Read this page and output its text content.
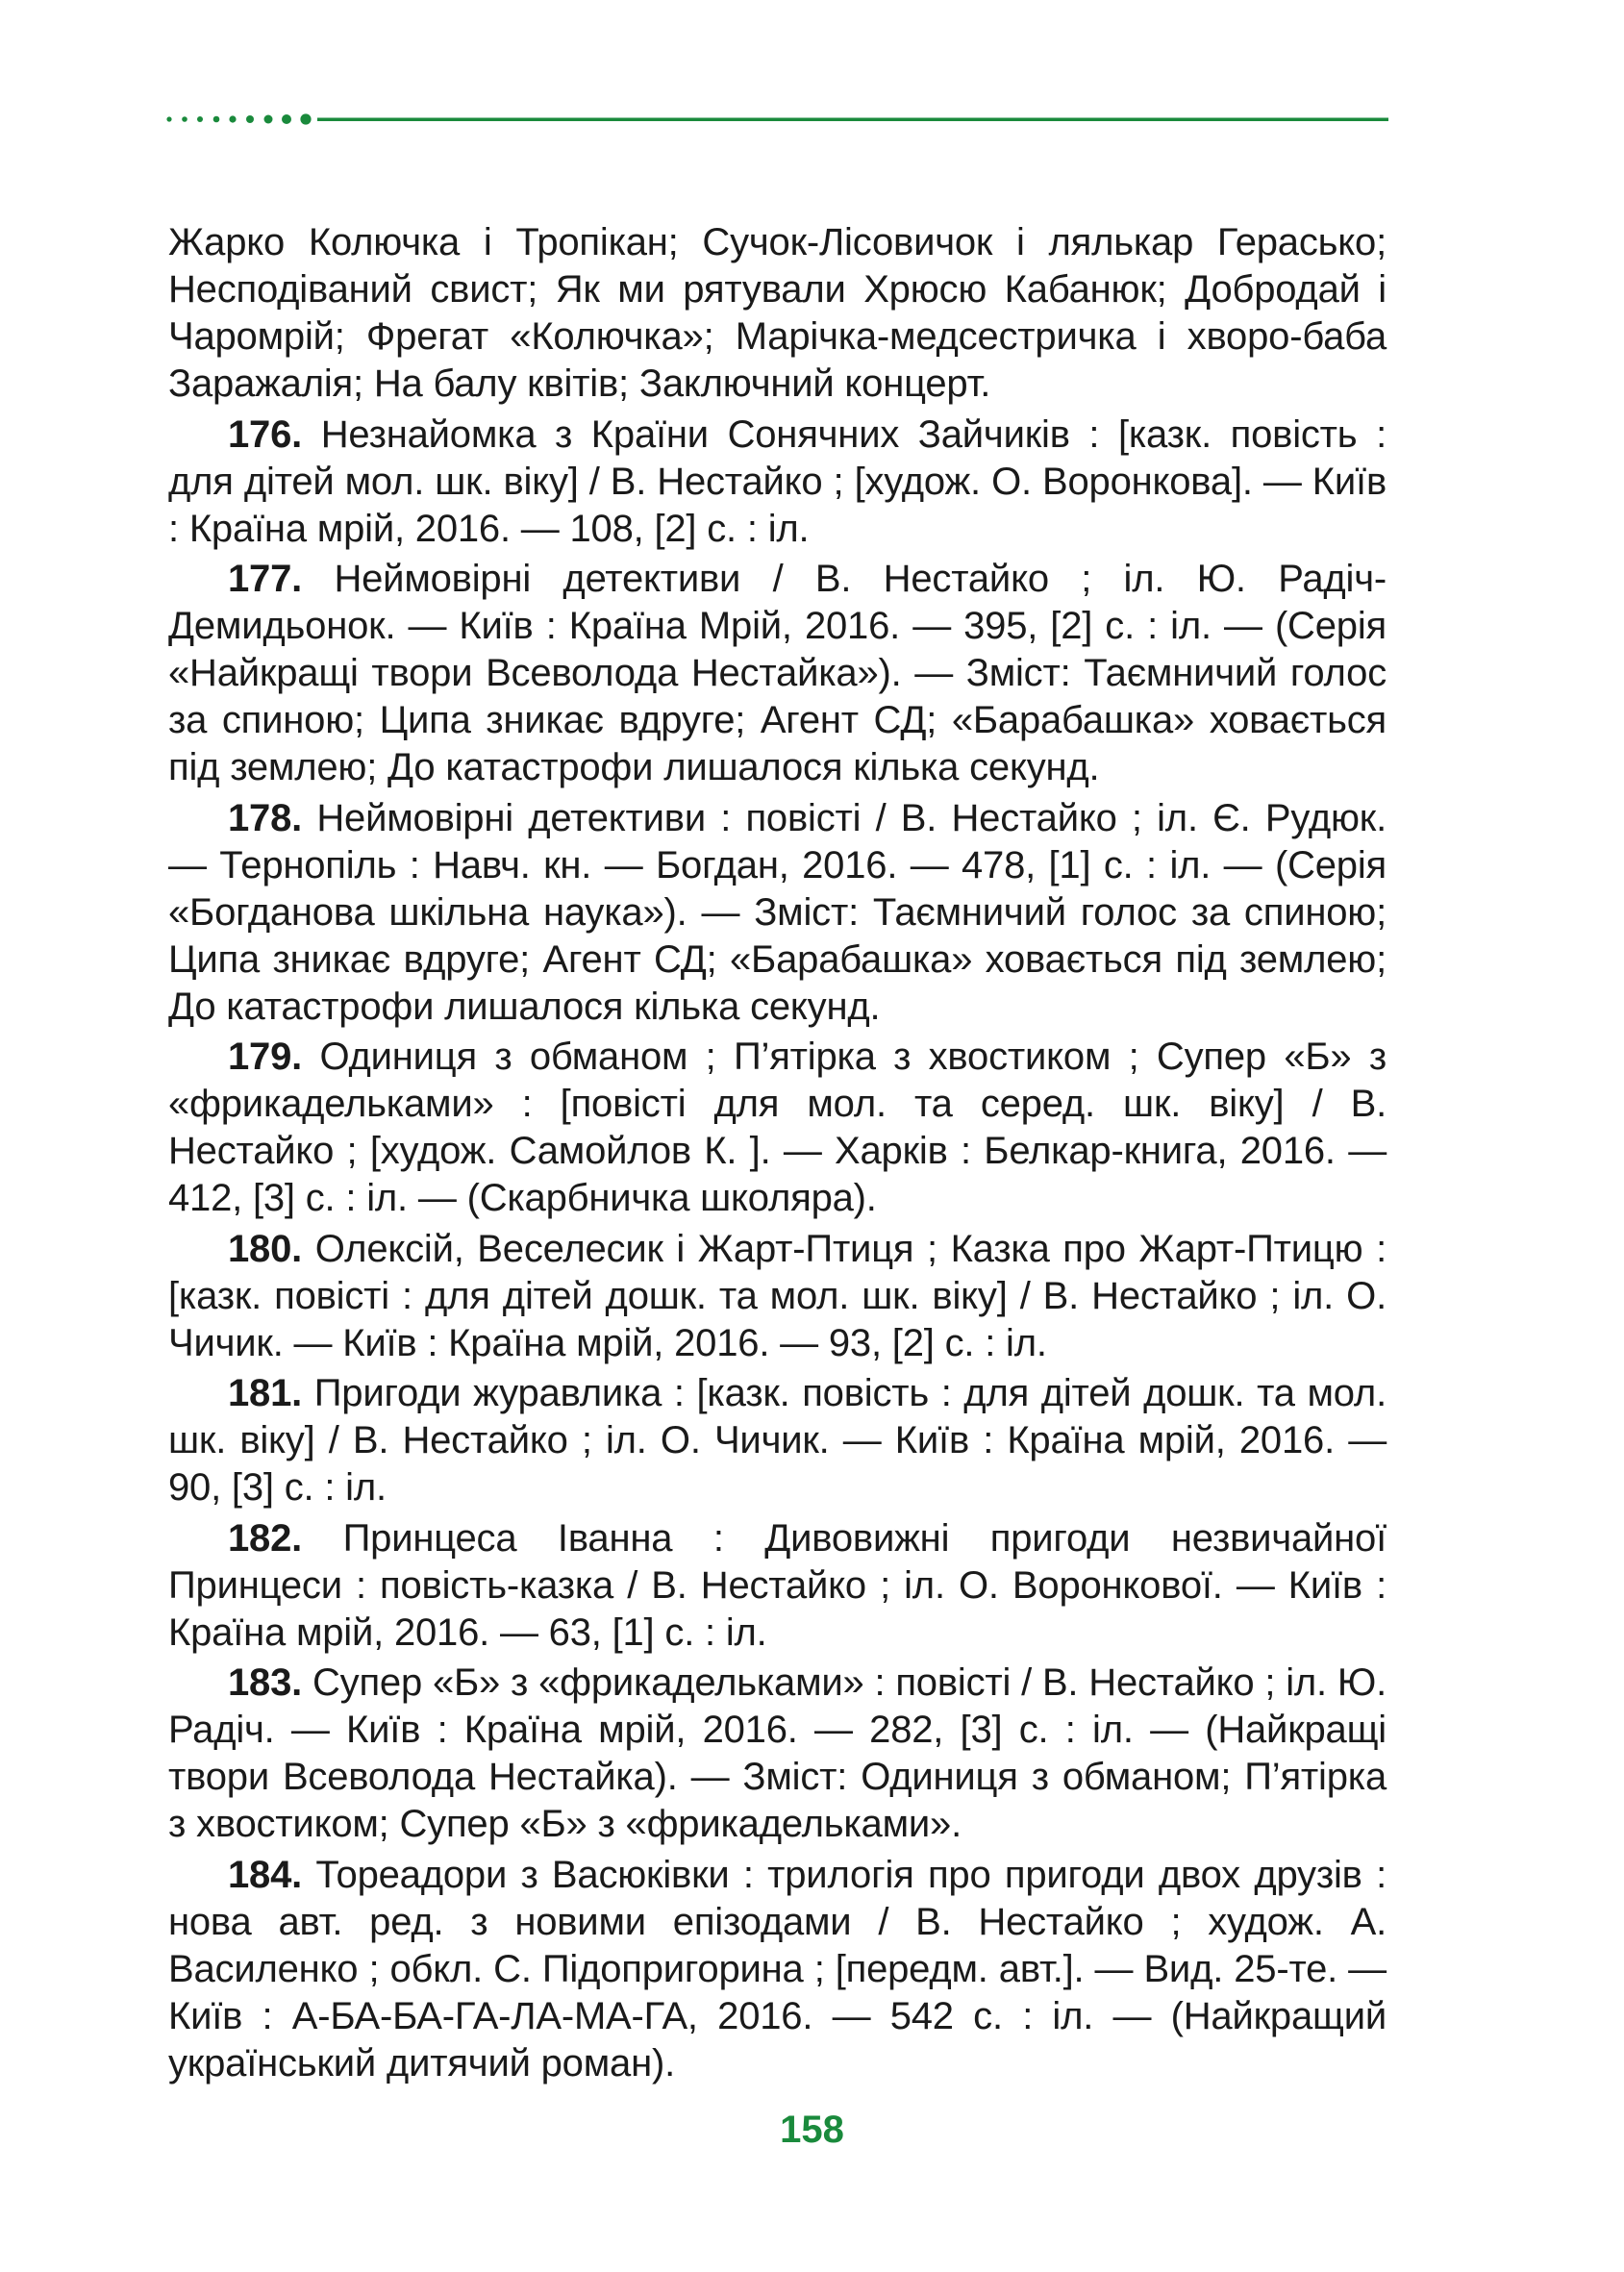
Жарко Колючка і Тропікан; Сучок-Лісовичок і лялькар Герасько; Несподіваний свист; Як ми рятували Хрюсю Кабанюк; Добродай і Чаромрій; Фрегат «Колючка»; Марічка-медсестричка і хворо-баба Заражалія; На балу квітів; Заключний концерт.

176. Незнайомка з Країни Сонячних Зайчиків : [казк. повість : для дітей мол. шк. віку] / В. Нестайко ; [худож. О. Воронкова]. — Київ : Країна мрій, 2016. — 108, [2] с. : іл.

177. Неймовірні детективи / В. Нестайко ; іл. Ю. Радіч-Демидьонок. — Київ : Країна Мрій, 2016. — 395, [2] с. : іл. — (Серія «Найкращі твори Всеволода Нестайка»). — Зміст: Таємничий голос за спиною; Ципа зникає вдруге; Агент СД; «Барабашка» ховається під землею; До катастрофи лишалося кілька секунд.

178. Неймовірні детективи : повісті / В. Нестайко ; іл. Є. Рудюк. — Тернопіль : Навч. кн. — Богдан, 2016. — 478, [1] с. : іл. — (Серія «Богданова шкільна наука»). — Зміст: Таємничий голос за спиною; Ципа зникає вдруге; Агент СД; «Барабашка» ховається під землею; До катастрофи лишалося кілька секунд.

179. Одиниця з обманом ; П’ятірка з хвостиком ; Супер «Б» з «фрикадельками» : [повісті для мол. та серед. шк. віку] / В. Нестайко ; [худож. Самойлов К. ]. — Харків : Белкар-книга, 2016. — 412, [3] с. : іл. — (Скарбничка школяра).

180. Олексій, Веселесик і Жарт-Птиця ; Казка про Жарт-Птицю : [казк. повісті : для дітей дошк. та мол. шк. віку] / В. Нестайко ; іл. О. Чичик. — Київ : Країна мрій, 2016. — 93, [2] с. : іл.

181. Пригоди журавлика : [казк. повість : для дітей дошк. та мол. шк. віку] / В. Нестайко ; іл. О. Чичик. — Київ : Країна мрій, 2016. — 90, [3] с. : іл.

182. Принцеса Іванна : Дивовижні пригоди незвичайної Принцеси : повість-казка / В. Нестайко ; іл. О. Воронкової. — Київ : Країна мрій, 2016. — 63, [1] с. : іл.

183. Супер «Б» з «фрикадельками» : повісті / В. Нестайко ; іл. Ю. Радіч. — Київ : Країна мрій, 2016. — 282, [3] с. : іл. — (Найкращі твори Всеволода Нестайка). — Зміст: Одиниця з обманом; П’ятірка з хвостиком; Супер «Б» з «фрикадельками».

184. Тореадори з Васюківки : трилогія про пригоди двох друзів : нова авт. ред. з новими епізодами / В. Нестайко ; худож. А. Василенко ; обкл. С. Підопригорина ; [передм. авт.]. — Вид. 25-те. — Київ : А-БА-БА-ГА-ЛА-МА-ГА, 2016. — 542 с. : іл. — (Найкращий український дитячий роман).

158
